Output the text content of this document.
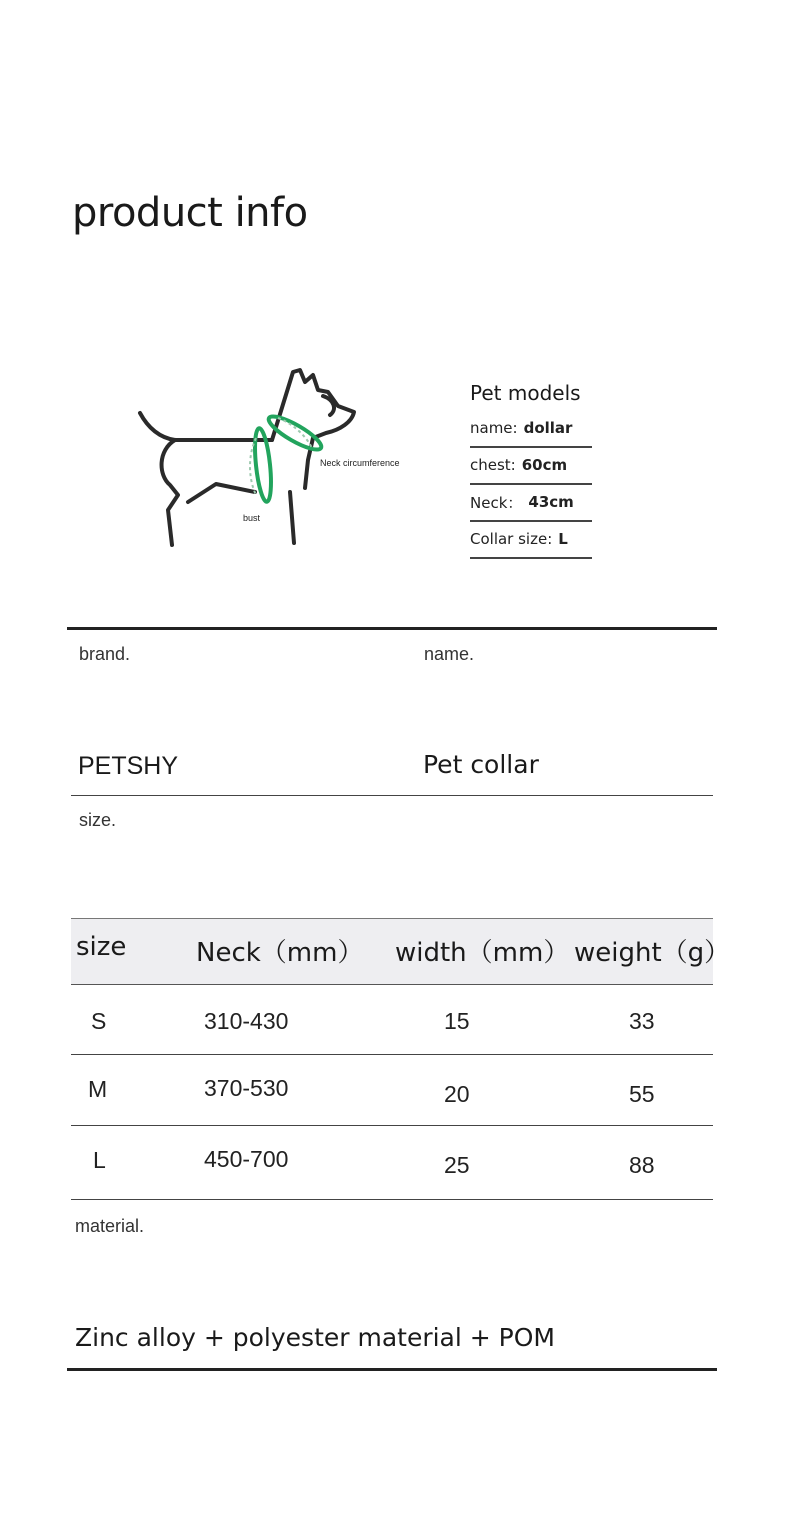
product info
Neck circumference
bust
Pet models
name: dollar
chest: 60cm
Neck： 43cm
Collar size: L
brand.	name.
PETSHY	Pet collar
size.
size	Neck（mm） width（mm） weight（g）
S	310-430	15	33
M	370-530	20	55
L	450-700	25	88
material.
Zinc alloy + polyester material + POM
